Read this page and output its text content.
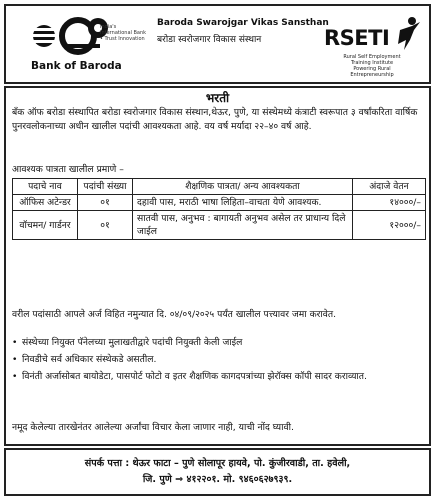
India's International Bank • Trust Innovation
Bank of Baroda
Baroda Swarojgar Vikas Sansthan
बरोडा स्वरोजगार विकास संस्थान	RSETI
Rural Self Employment Training Institute Powering Rural Entrepreneurship
भरती
बँक ऑफ बरोडा संस्थापित बरोडा स्वरोजगार विकास संस्थान,थेऊर, पुणे, या संस्थेमध्ये कंत्राटी स्वरूपात ३ वर्षांकरिता वार्षिक पुनरवलोकनाच्या अधीन खालील पदांची आवश्यकता आहे. वय वर्ष मर्यादा २२–४० वर्ष आहे.
आवश्यक पात्रता खालील प्रमाणे –
पदाचे नाव	पदांची संख्या	शैक्षणिक पात्रता/ अन्य आवश्यकता	अंदाजे वेतन
ऑफिस अटेन्डर	०१	दहावी पास, मराठी भाषा लिहिता–वाचता येणे आवश्यक.	१४०००/–
वॉचमन/ गार्डनर	०१	सातवी पास, अनुभव : बागायती अनुभव असेल तर प्राधान्य दिले जाईल	१२०००/–
वरील पदांसाठी आपले अर्ज विहित नमुन्यात दि. ०४/०९/२०२५ पर्यंत खालील पत्त्यावर जमा करावेत.
• संस्थेच्या नियुक्त पॅनेलच्या मुलाखतीद्वारे पदांची नियुक्ती केली जाईल
• निवडीचे सर्व अधिकार संस्थेकडे असतील.
• विनंती अर्जासोबत बायोडेटा, पासपोर्ट फोटो व इतर शैक्षणिक कागदपत्रांच्या झेरॉक्स कॉपी सादर कराव्यात.
नमूद केलेल्या तारखेनंतर आलेल्या अर्जांचा विचार केला जाणार नाही, याची नोंद घ्यावी.
संपर्क पत्ता : थेऊर फाटा – पुणे सोलापूर हायवे, पो. कुंजीरवाडी, ता. हवेली,
जि. पुणे ⇒ ४१२२०१. मो. ९४६०६२७९३९.
